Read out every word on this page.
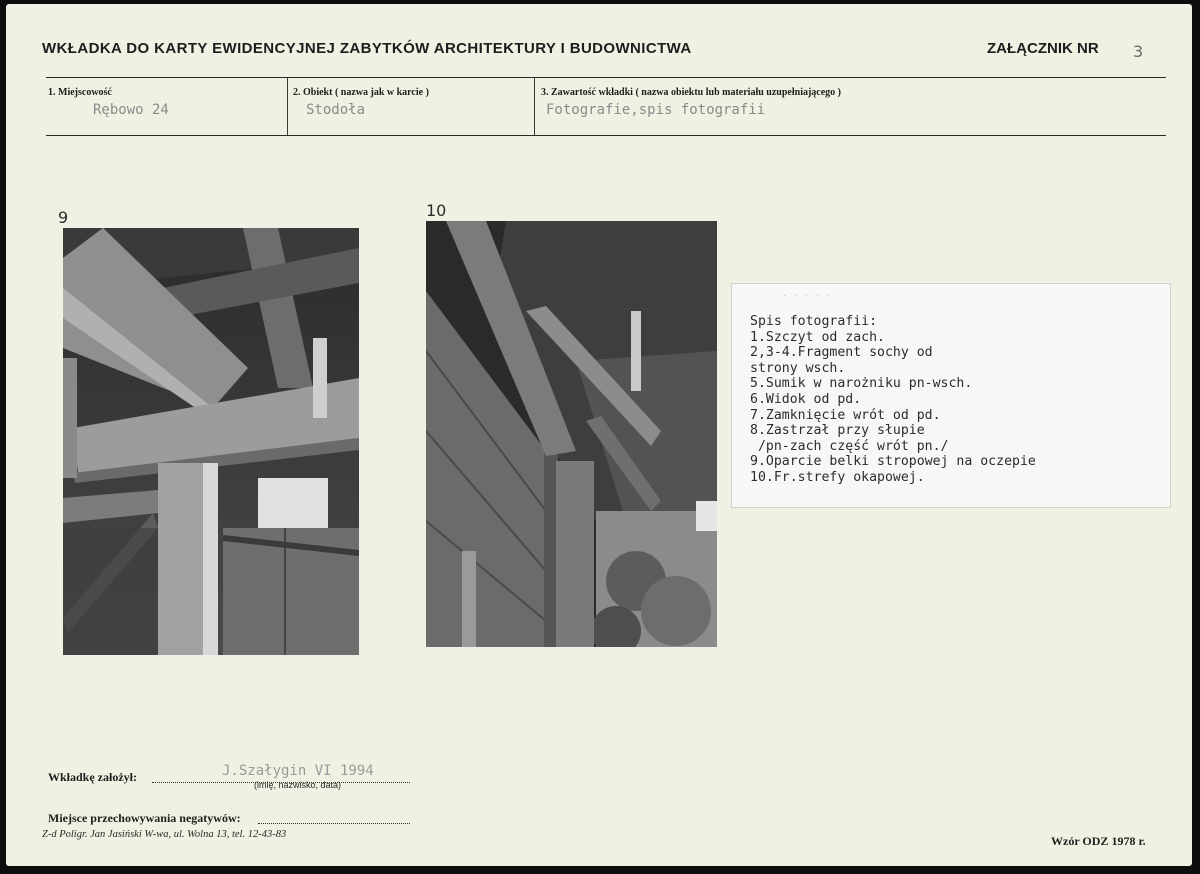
WKŁADKA DO KARTY EWIDENCYJNEJ ZABYTKÓW ARCHITEKTURY I BUDOWNICTWA	ZAŁĄCZNIK NR 3
1. Miejscowość
Rębowo 24
2. Obiekt ( nazwa jak w karcie )
Stodoła
3. Zawartość wkładki ( nazwa obiektu lub materiału uzupełniającego )
Fotografie,spis fotografii
9	10
· · · · ·
Spis fotografii:
1.Szczyt od zach.
2,3-4.Fragment sochy od
strony wsch.
5.Sumik w narożniku pn-wsch.
6.Widok od pd.
7.Zamknięcie wrót od pd.
8.Zastrzał przy słupie
/pn-zach część wrót pn./
9.Oparcie belki stropowej na oczepie
10.Fr.strefy okapowej.
Wkładkę założył:	J.Szałygin VI 1994
(imię, nazwisko, data)
Miejsce przechowywania negatywów:
Z-d Poligr. Jan Jasiński W-wa, ul. Wolna 13, tel. 12-43-83	Wzór ODZ 1978 r.
